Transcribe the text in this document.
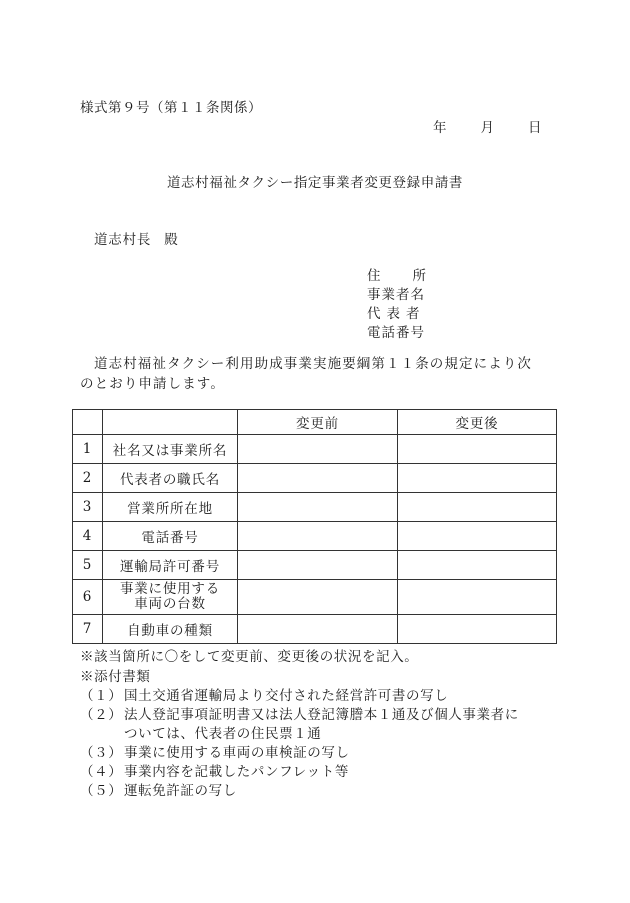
様式第９号（第１１条関係）
年	月	日
道志村福祉タクシー指定事業者変更登録申請書
道志村長 殿
住 所
事業者名
代表者
電話番号
道志村福祉タクシー利用助成事業実施要綱第１１条の規定により次
のとおり申請します。
		変更前	変更後
1	社名又は事業所名		
2	代表者の職氏名		
3	営業所所在地		
4	電話番号		
5	運輸局許可番号		
6	事業に使用する
車両の台数		
7	自動車の種類		
※該当箇所に〇をして変更前、変更後の状況を記入。
※添付書類
（１） 国土交通省運輸局より交付された経営許可書の写し
（２） 法人登記事項証明書又は法人登記簿謄本１通及び個人事業者に
ついては、代表者の住民票１通
（３） 事業に使用する車両の車検証の写し
（４） 事業内容を記載したパンフレット等
（５） 運転免許証の写し
